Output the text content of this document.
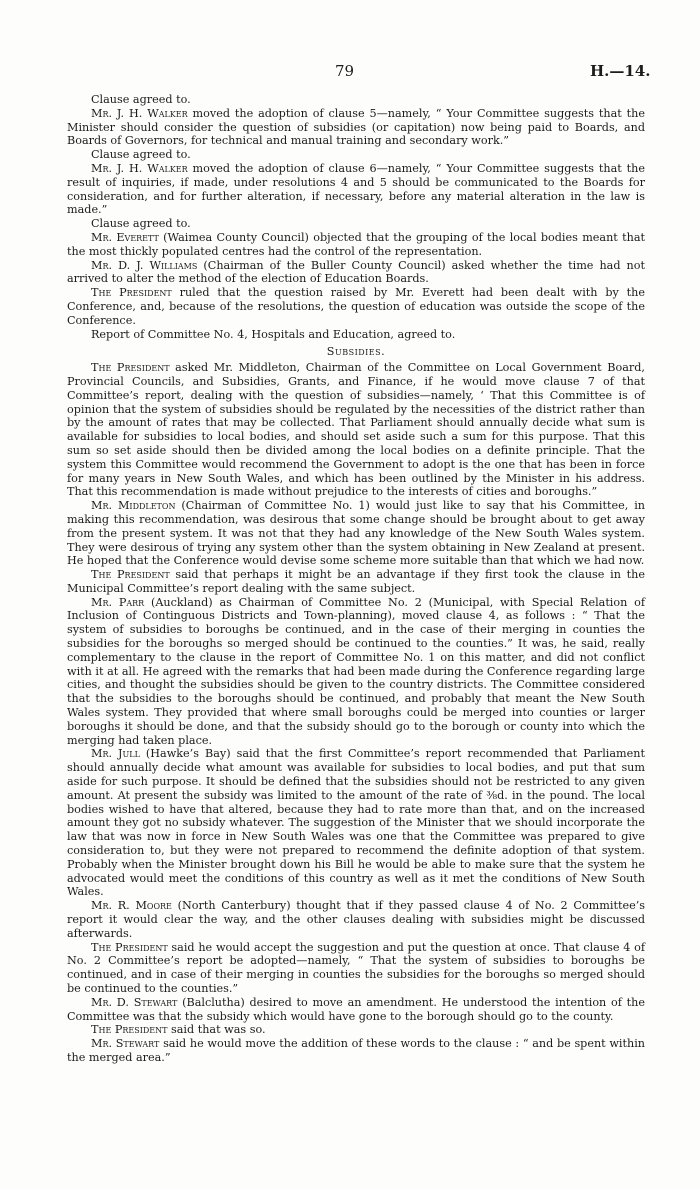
79	H.—14.

Clause agreed to.

Mr. J. H. Walker moved the adoption of clause 5—namely, “ Your Committee suggests that the Minister should consider the question of subsidies (or capitation) now being paid to Boards, and Boards of Governors, for technical and manual training and secondary work.”

Clause agreed to.

Mr. J. H. Walker moved the adoption of clause 6—namely, “ Your Committee suggests that the result of inquiries, if made, under resolutions 4 and 5 should be communicated to the Boards for consideration, and for further alteration, if necessary, before any material alteration in the law is made.”

Clause agreed to.

Mr. Everett (Waimea County Council) objected that the grouping of the local bodies meant that the most thickly populated centres had the control of the representation.

Mr. D. J. Williams (Chairman of the Buller County Council) asked whether the time had not arrived to alter the method of the election of Education Boards.

The President ruled that the question raised by Mr. Everett had been dealt with by the Conference, and, because of the resolutions, the question of education was outside the scope of the Conference.

Report of Committee No. 4, Hospitals and Education, agreed to.

Subsidies.

The President asked Mr. Middleton, Chairman of the Committee on Local Government Board, Provincial Councils, and Subsidies, Grants, and Finance, if he would move clause 7 of that Committee’s report, dealing with the question of subsidies—namely, ‘ That this Committee is of opinion that the system of subsidies should be regulated by the necessities of the district rather than by the amount of rates that may be collected. That Parliament should annually decide what sum is available for subsidies to local bodies, and should set aside such a sum for this purpose. That this sum so set aside should then be divided among the local bodies on a definite principle. That the system this Committee would recommend the Government to adopt is the one that has been in force for many years in New South Wales, and which has been outlined by the Minister in his address. That this recommendation is made without prejudice to the interests of cities and boroughs.”

Mr. Middleton (Chairman of Committee No. 1) would just like to say that his Committee, in making this recommendation, was desirous that some change should be brought about to get away from the present system. It was not that they had any knowledge of the New South Wales system. They were desirous of trying any system other than the system obtaining in New Zealand at present. He hoped that the Conference would devise some scheme more suitable than that which we had now.

The President said that perhaps it might be an advantage if they first took the clause in the Municipal Committee’s report dealing with the same subject.

Mr. Parr (Auckland) as Chairman of Committee No. 2 (Municipal, with Special Relation of Inclusion of Continguous Districts and Town-planning), moved clause 4, as follows : “ That the system of subsidies to boroughs be continued, and in the case of their merging in counties the subsidies for the boroughs so merged should be continued to the counties.” It was, he said, really complementary to the clause in the report of Committee No. 1 on this matter, and did not conflict with it at all. He agreed with the remarks that had been made during the Conference regarding large cities, and thought the subsidies should be given to the country districts. The Committee considered that the subsidies to the boroughs should be continued, and probably that meant the New South Wales system. They provided that where small boroughs could be merged into counties or larger boroughs it should be done, and that the subsidy should go to the borough or county into which the merging had taken place.

Mr. Jull (Hawke’s Bay) said that the first Committee’s report recommended that Parliament should annually decide what amount was available for subsidies to local bodies, and put that sum aside for such purpose. It should be defined that the subsidies should not be restricted to any given amount. At present the subsidy was limited to the amount of the rate of ⅜d. in the pound. The local bodies wished to have that altered, because they had to rate more than that, and on the increased amount they got no subsidy whatever. The suggestion of the Minister that we should incorporate the law that was now in force in New South Wales was one that the Committee was prepared to give consideration to, but they were not prepared to recommend the definite adoption of that system. Probably when the Minister brought down his Bill he would be able to make sure that the system he advocated would meet the conditions of this country as well as it met the conditions of New South Wales.

Mr. R. Moore (North Canterbury) thought that if they passed clause 4 of No. 2 Committee’s report it would clear the way, and the other clauses dealing with subsidies might be discussed afterwards.

The President said he would accept the suggestion and put the question at once. That clause 4 of No. 2 Committee’s report be adopted—namely, “ That the system of subsidies to boroughs be continued, and in case of their merging in counties the subsidies for the boroughs so merged should be continued to the counties.”

Mr. D. Stewart (Balclutha) desired to move an amendment. He understood the intention of the Committee was that the subsidy which would have gone to the borough should go to the county.

The President said that was so.

Mr. Stewart said he would move the addition of these words to the clause : “ and be spent within the merged area.”
